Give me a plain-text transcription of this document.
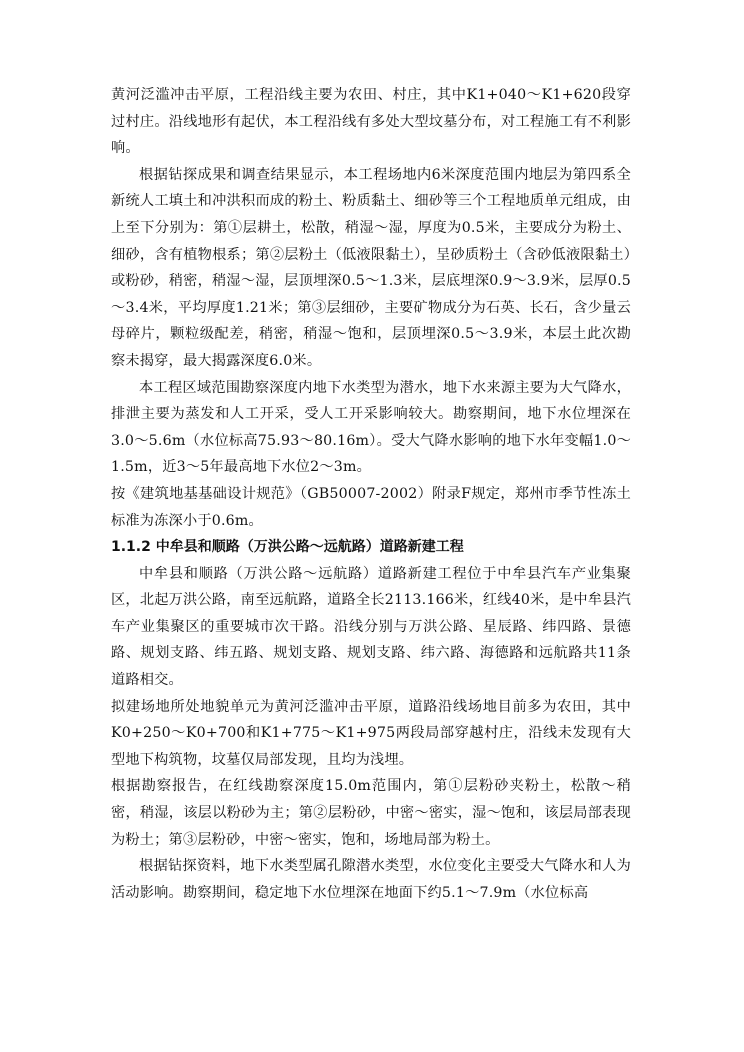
黄河泛滥冲击平原，工程沿线主要为农田、村庄，其中K1+040～K1+620段穿过村庄。沿线地形有起伏，本工程沿线有多处大型坟墓分布，对工程施工有不利影响。

根据钻探成果和调查结果显示，本工程场地内6米深度范围内地层为第四系全新统人工填土和冲洪积而成的粉土、粉质黏土、细砂等三个工程地质单元组成，由上至下分别为：第①层耕土，松散，稍湿～湿，厚度为0.5米，主要成分为粉土、细砂，含有植物根系；第②层粉土（低液限黏土），呈砂质粉土（含砂低液限黏土）或粉砂，稍密，稍湿～湿，层顶埋深0.5～1.3米，层底埋深0.9～3.9米，层厚0.5～3.4米，平均厚度1.21米；第③层细砂，主要矿物成分为石英、长石，含少量云母碎片，颗粒级配差，稍密，稍湿～饱和，层顶埋深0.5～3.9米，本层土此次勘察未揭穿，最大揭露深度6.0米。

本工程区域范围勘察深度内地下水类型为潜水，地下水来源主要为大气降水，排泄主要为蒸发和人工开采，受人工开采影响较大。勘察期间，地下水位埋深在3.0～5.6m（水位标高75.93～80.16m）。受大气降水影响的地下水年变幅1.0～1.5m，近3～5年最高地下水位2～3m。

按《建筑地基基础设计规范》（GB50007-2002）附录F规定，郑州市季节性冻土标准为冻深小于0.6m。

1.1.2 中牟县和顺路（万洪公路～远航路）道路新建工程

中牟县和顺路（万洪公路～远航路）道路新建工程位于中牟县汽车产业集聚区，北起万洪公路，南至远航路，道路全长2113.166米，红线40米，是中牟县汽车产业集聚区的重要城市次干路。沿线分别与万洪公路、星辰路、纬四路、景德路、规划支路、纬五路、规划支路、规划支路、纬六路、海德路和远航路共11条道路相交。

拟建场地所处地貌单元为黄河泛滥冲击平原，道路沿线场地目前多为农田，其中K0+250～K0+700和K1+775～K1+975两段局部穿越村庄，沿线未发现有大型地下构筑物，坟墓仅局部发现，且均为浅埋。

根据勘察报告，在红线勘察深度15.0m范围内，第①层粉砂夹粉土，松散～稍密，稍湿，该层以粉砂为主；第②层粉砂，中密～密实，湿～饱和，该层局部表现为粉土；第③层粉砂，中密～密实，饱和，场地局部为粉土。

根据钻探资料，地下水类型属孔隙潜水类型，水位变化主要受大气降水和人为活动影响。勘察期间，稳定地下水位埋深在地面下约5.1～7.9m（水位标高
